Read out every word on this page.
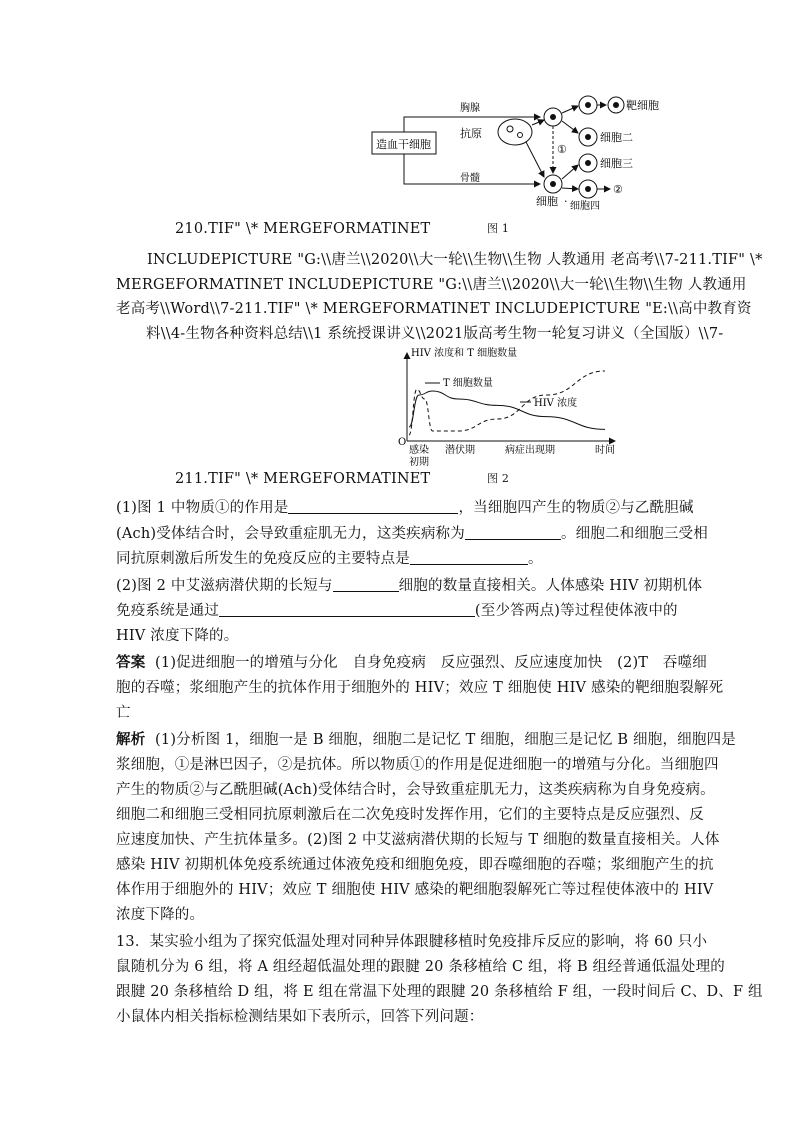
造血干细胞
胸腺
骨髓
抗原
①
细胞 ·
靶细胞
细胞二
细胞三
②
细胞四
图 1
210.TIF" \* MERGEFORMATINET
INCLUDEPICTURE "G:\\唐兰\\2020\\大一轮\\生物\\生物 人教通用 老高考\\7-211.TIF" \*
MERGEFORMATINET INCLUDEPICTURE "G:\\唐兰\\2020\\大一轮\\生物\\生物 人教通用
老高考\\Word\\7-211.TIF" \* MERGEFORMATINET INCLUDEPICTURE "E:\\高中教育资
料\\4-生物各种资料总结\\1 系统授课讲义\\2021版高考生物一轮复习讲义（全国版）\\7-
HIV 浓度和 T 细胞数量
O
T 细胞数量
HIV 浓度
感染
初期
潜伏期	病症出现期	时间
图 2
211.TIF" \* MERGEFORMATINET
(1)图 1 中物质①的作用是	，当细胞四产生的物质②与乙酰胆碱
(Ach)受体结合时，会导致重症肌无力，这类疾病称为	。细胞二和细胞三受相
同抗原刺激后所发生的免疫反应的主要特点是	。
(2)图 2 中艾滋病潜伏期的长短与	细胞的数量直接相关。人体感染 HIV 初期机体
免疫系统是通过	(至少答两点)等过程使体液中的
HIV 浓度下降的。
答案 (1)促进细胞一的增殖与分化　自身免疫病　反应强烈、反应速度加快　(2)T　吞噬细
胞的吞噬；浆细胞产生的抗体作用于细胞外的 HIV；效应 T 细胞使 HIV 感染的靶细胞裂解死
亡
解析 (1)分析图 1，细胞一是 B 细胞，细胞二是记忆 T 细胞，细胞三是记忆 B 细胞，细胞四是
浆细胞，①是淋巴因子，②是抗体。所以物质①的作用是促进细胞一的增殖与分化。当细胞四
产生的物质②与乙酰胆碱(Ach)受体结合时，会导致重症肌无力，这类疾病称为自身免疫病。
细胞二和细胞三受相同抗原刺激后在二次免疫时发挥作用，它们的主要特点是反应强烈、反
应速度加快、产生抗体量多。(2)图 2 中艾滋病潜伏期的长短与 T 细胞的数量直接相关。人体
感染 HIV 初期机体免疫系统通过体液免疫和细胞免疫，即吞噬细胞的吞噬；浆细胞产生的抗
体作用于细胞外的 HIV；效应 T 细胞使 HIV 感染的靶细胞裂解死亡等过程使体液中的 HIV
浓度下降的。
13．某实验小组为了探究低温处理对同种异体跟腱移植时免疫排斥反应的影响，将 60 只小
鼠随机分为 6 组，将 A 组经超低温处理的跟腱 20 条移植给 C 组，将 B 组经普通低温处理的
跟腱 20 条移植给 D 组，将 E 组在常温下处理的跟腱 20 条移植给 F 组，一段时间后 C、D、F 组
小鼠体内相关指标检测结果如下表所示，回答下列问题：
